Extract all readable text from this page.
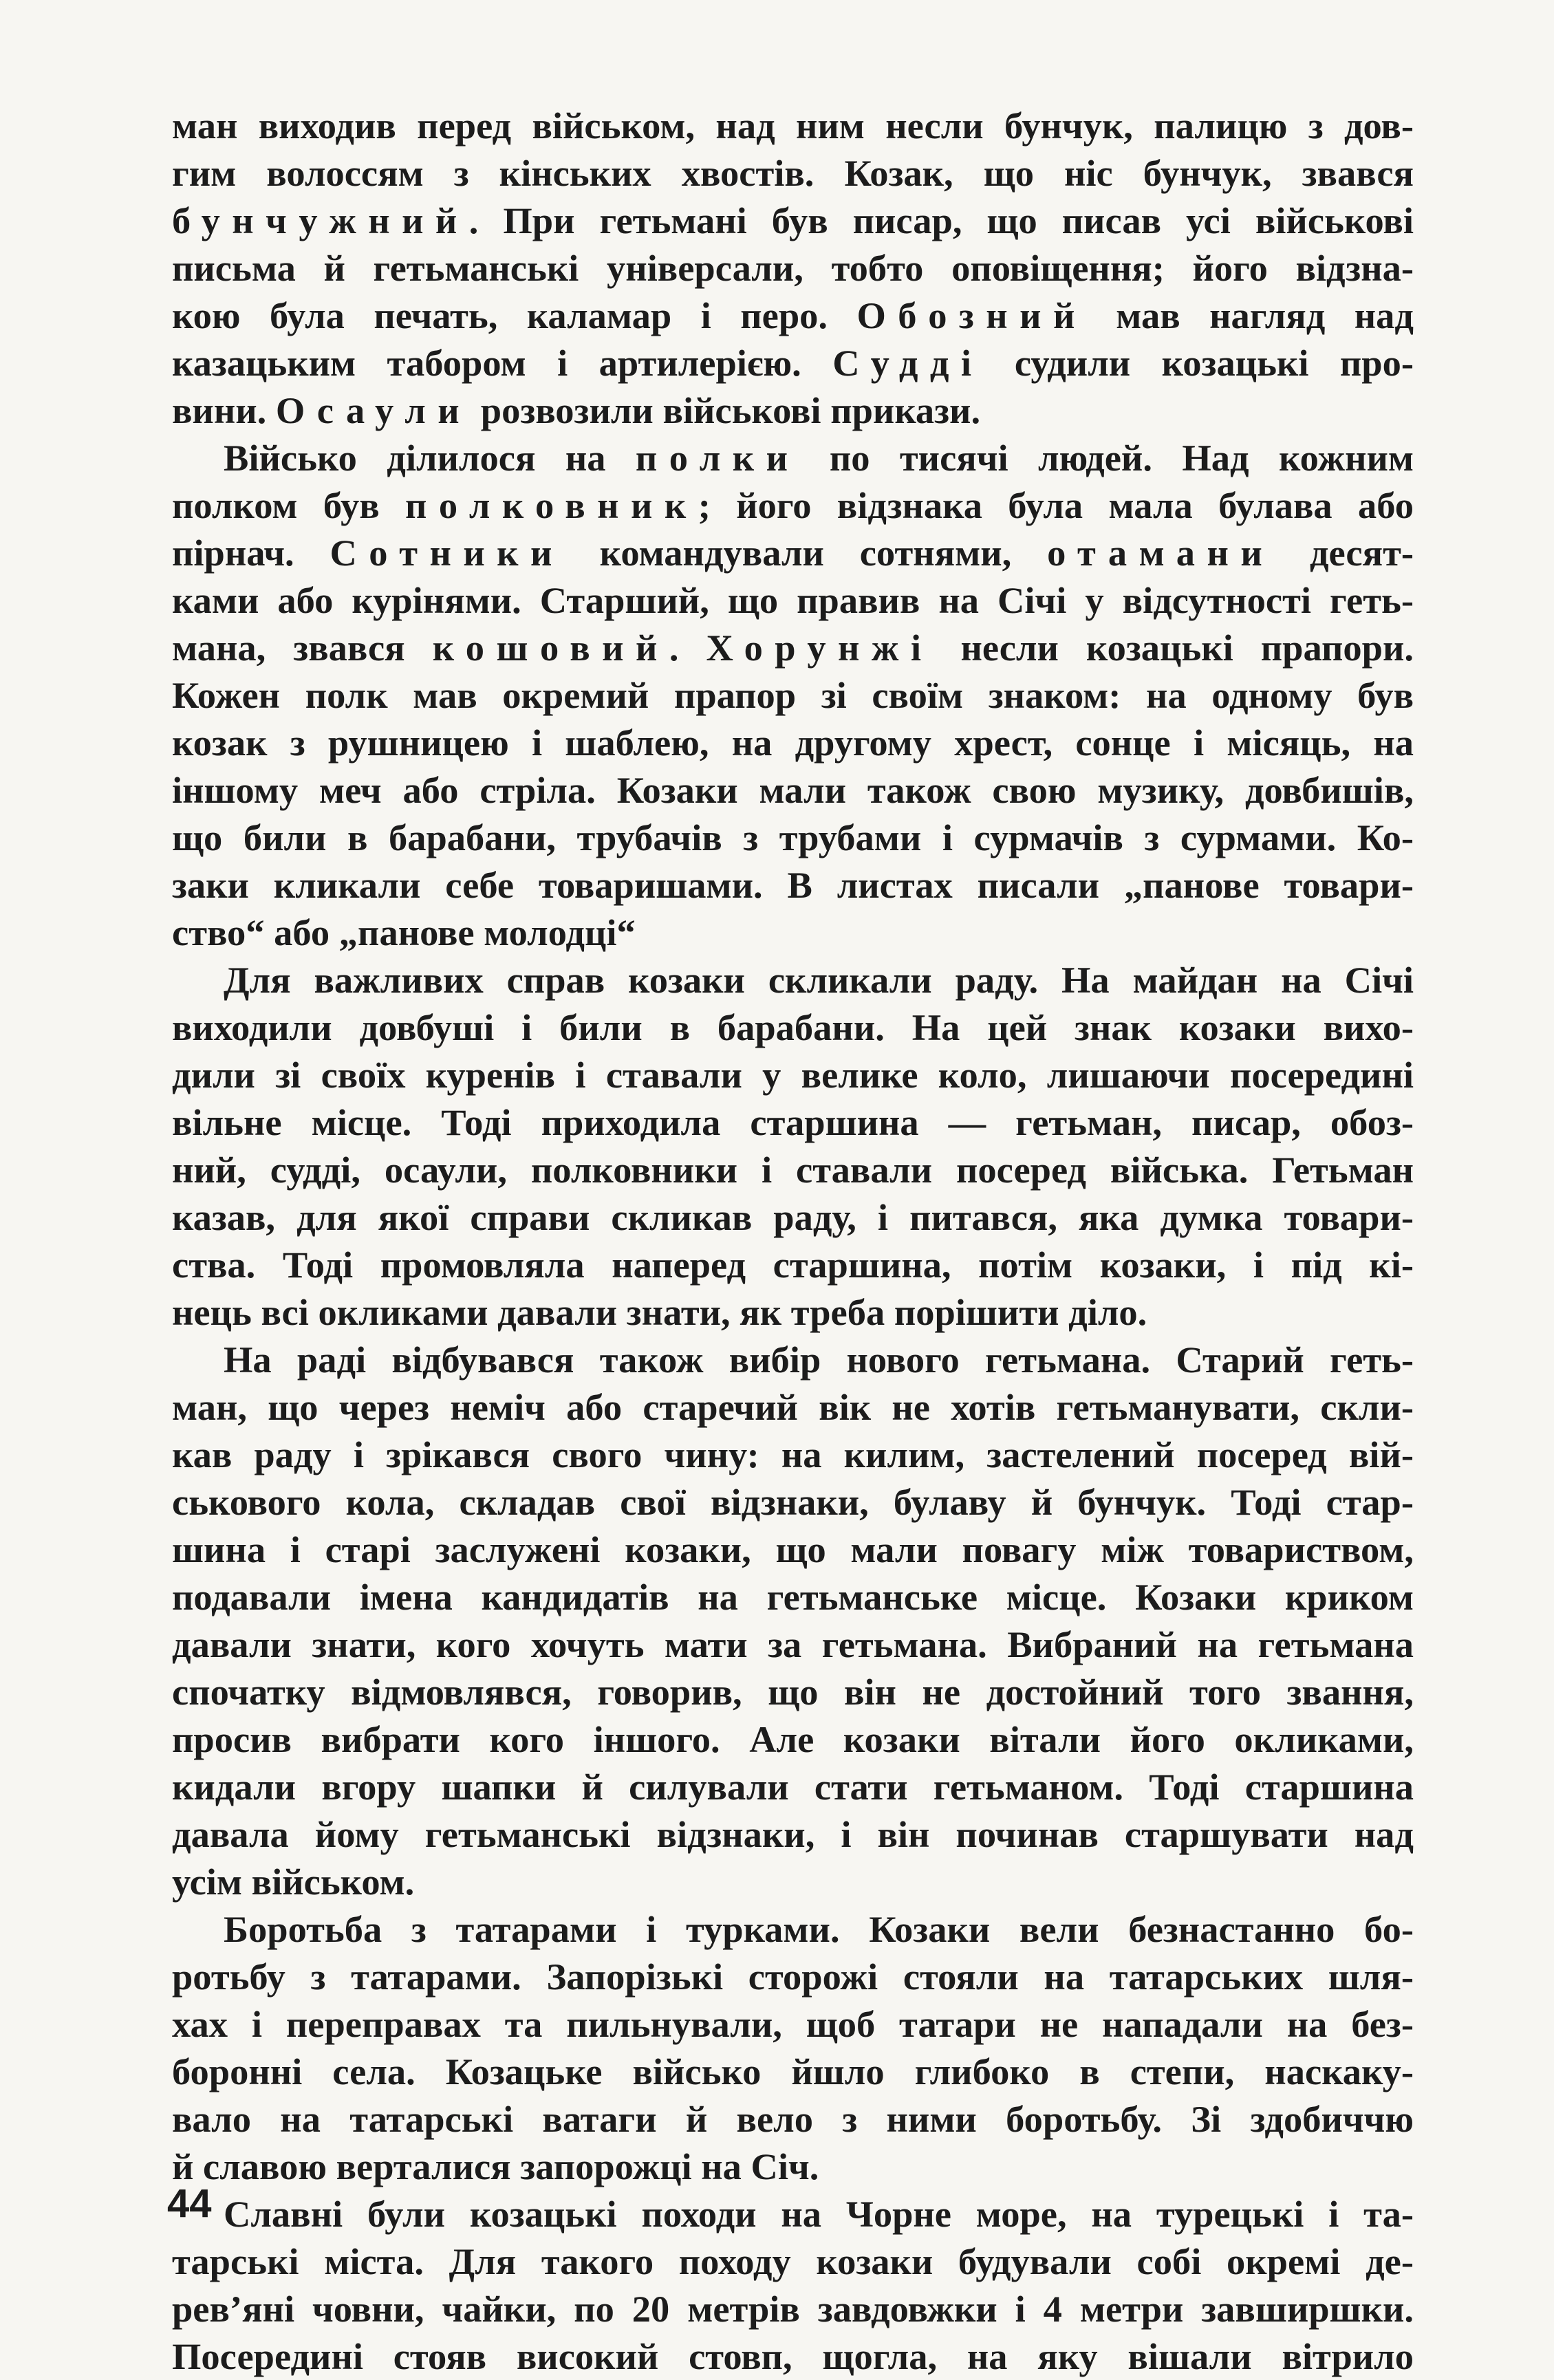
ман виходив перед військом, над ним несли бунчук, палицю з дов-
гим волоссям з кінських хвостів. Козак, що ніс бунчук, звався
бунчужний. При гетьмані був писар, що писав усі військові
письма й гетьманські універсали, тобто оповіщення; його відзна-
кою була печать, каламар і перо. Обозний мав нагляд над
казацьким табором і артилерією. Судді судили козацькі про-
вини. Осаули розвозили військові прикази.
Військо ділилося на полки по тисячі людей. Над кожним
полком був полковник; його відзнака була мала булава або
пірнач. Сотники командували сотнями, отамани десят-
ками або курінями. Старший, що правив на Січі у відсутності геть-
мана, звався кошовий. Хорунжі несли козацькі прапори.
Кожен полк мав окремий прапор зі своїм знаком: на одному був
козак з рушницею і шаблею, на другому хрест, сонце і місяць, на
іншому меч або стріла. Козаки мали також свою музику, довбишів,
що били в барабани, трубачів з трубами і сурмачів з сурмами. Ко-
заки кликали себе товаришами. В листах писали „панове товари-
ство“ або „панове молодці“
Для важливих справ козаки скликали раду. На майдан на Січі
виходили довбуші і били в барабани. На цей знак козаки вихо-
дили зі своїх куренів і ставали у велике коло, лишаючи посередині
вільне місце. Тоді приходила старшина — гетьман, писар, обоз-
ний, судді, осаули, полковники і ставали посеред війська. Гетьман
казав, для якої справи скликав раду, і питався, яка думка товари-
ства. Тоді промовляла наперед старшина, потім козаки, і під кі-
нець всі окликами давали знати, як треба порішити діло.
На раді відбувався також вибір нового гетьмана. Старий геть-
ман, що через неміч або старечий вік не хотів гетьманувати, скли-
кав раду і зрікався свого чину: на килим, застелений посеред вій-
ськового кола, складав свої відзнаки, булаву й бунчук. Тоді стар-
шина і старі заслужені козаки, що мали повагу між товариством,
подавали імена кандидатів на гетьманське місце. Козаки криком
давали знати, кого хочуть мати за гетьмана. Вибраний на гетьмана
спочатку відмовлявся, говорив, що він не достойний того звання,
просив вибрати кого іншого. Але козаки вітали його окликами,
кидали вгору шапки й силували стати гетьманом. Тоді старшина
давала йому гетьманські відзнаки, і він починав старшувати над
усім військом.
Боротьба з татарами і турками. Козаки вели безнастанно бо-
ротьбу з татарами. Запорізькі сторожі стояли на татарських шля-
хах і переправах та пильнували, щоб татари не нападали на без-
боронні села. Козацьке військо йшло глибоко в степи, наскаку-
вало на татарські ватаги й вело з ними боротьбу. Зі здобиччю
й славою верталися запорожці на Січ.
Славні були козацькі походи на Чорне море, на турецькі і та-
тарські міста. Для такого походу козаки будували собі окремі де-
рев’яні човни, чайки, по 20 метрів завдовжки і 4 метри завширшки.
Посередині стояв високий стовп, щогла, на яку вішали вітрило
44
